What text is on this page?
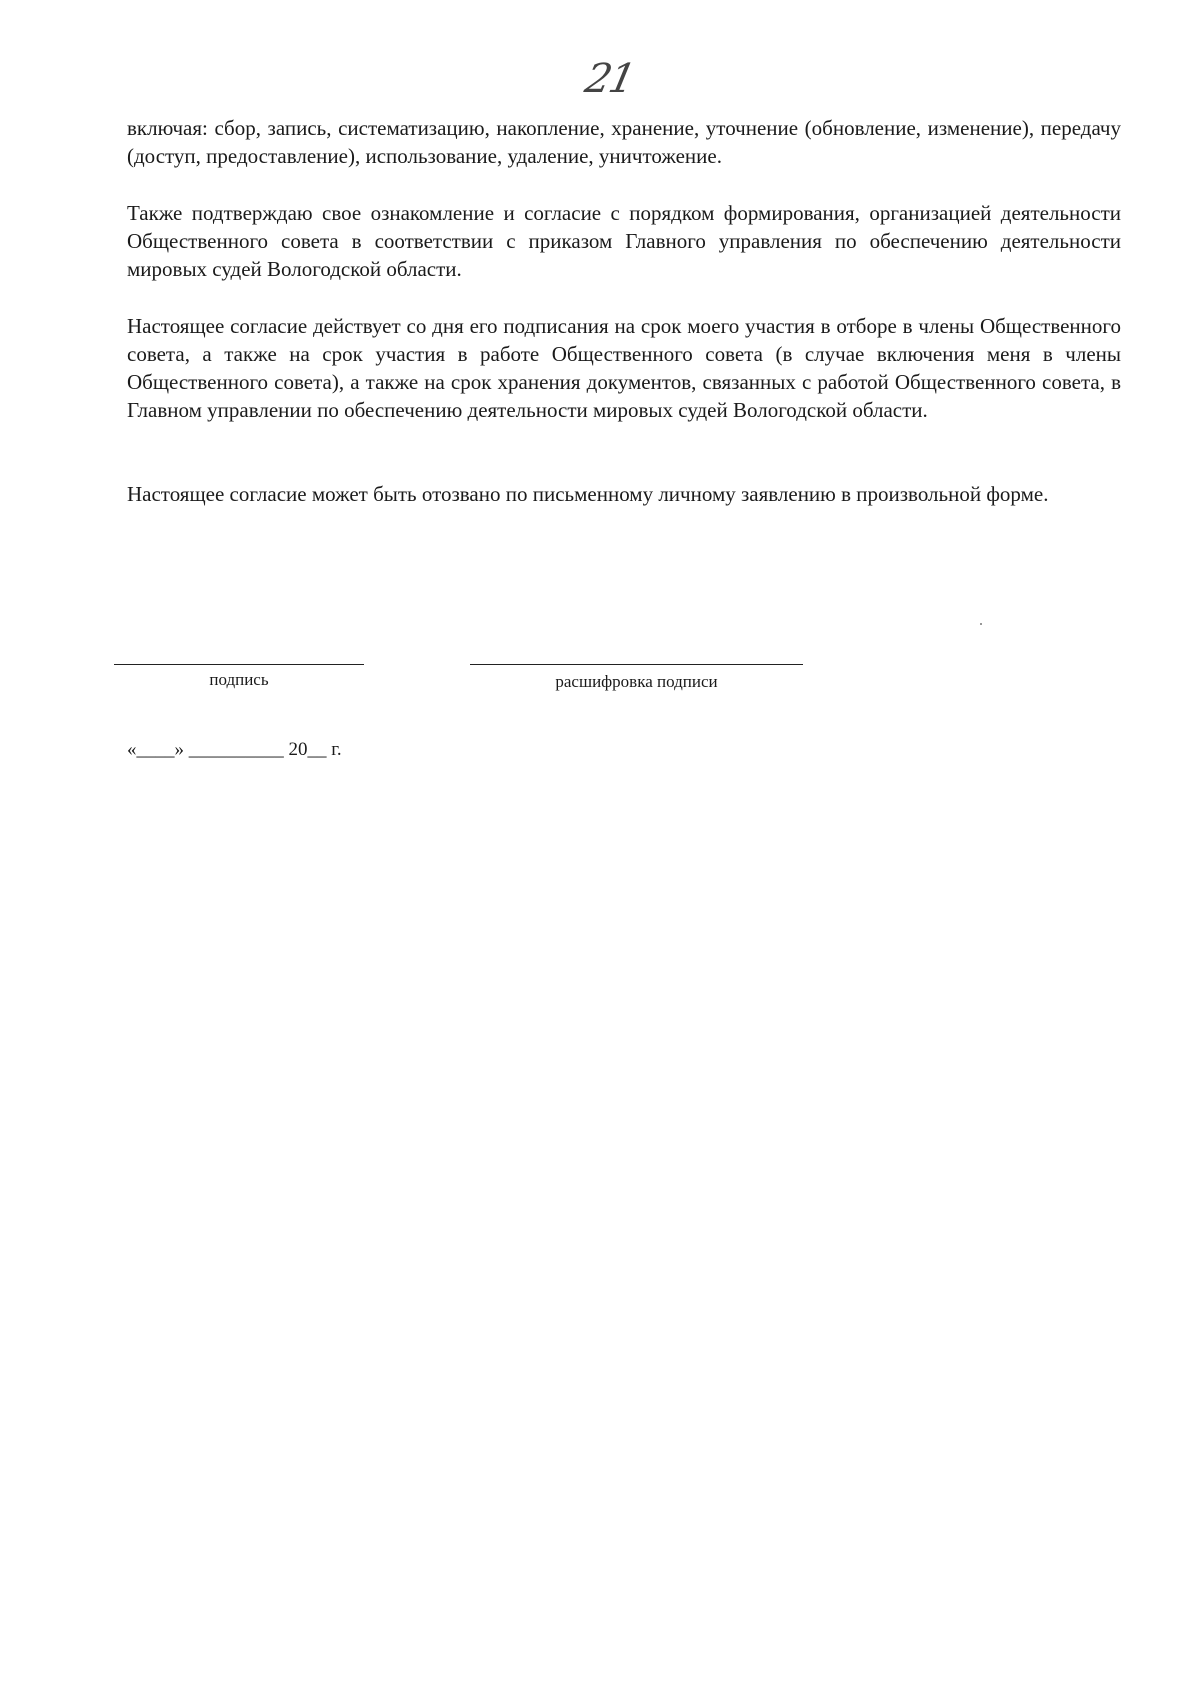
21

включая: сбор, запись, систематизацию, накопление, хранение, уточнение (обновление, изменение), передачу (доступ, предоставление), использование, удаление, уничтожение.

Также подтверждаю свое ознакомление и согласие с порядком формирования, организацией деятельности Общественного совета в соответствии с приказом Главного управления по обеспечению деятельности мировых судей Вологодской области.

Настоящее согласие действует со дня его подписания на срок моего участия в отборе в члены Общественного совета, а также на срок участия в работе Общественного совета (в случае включения меня в члены Общественного совета), а также на срок хранения документов, связанных с работой Общественного совета, в Главном управлении по обеспечению деятельности мировых судей Вологодской области.

Настоящее согласие может быть отозвано по письменному личному заявлению в произвольной форме.

подпись	расшифровка подписи
«____» __________ 20__ г.
